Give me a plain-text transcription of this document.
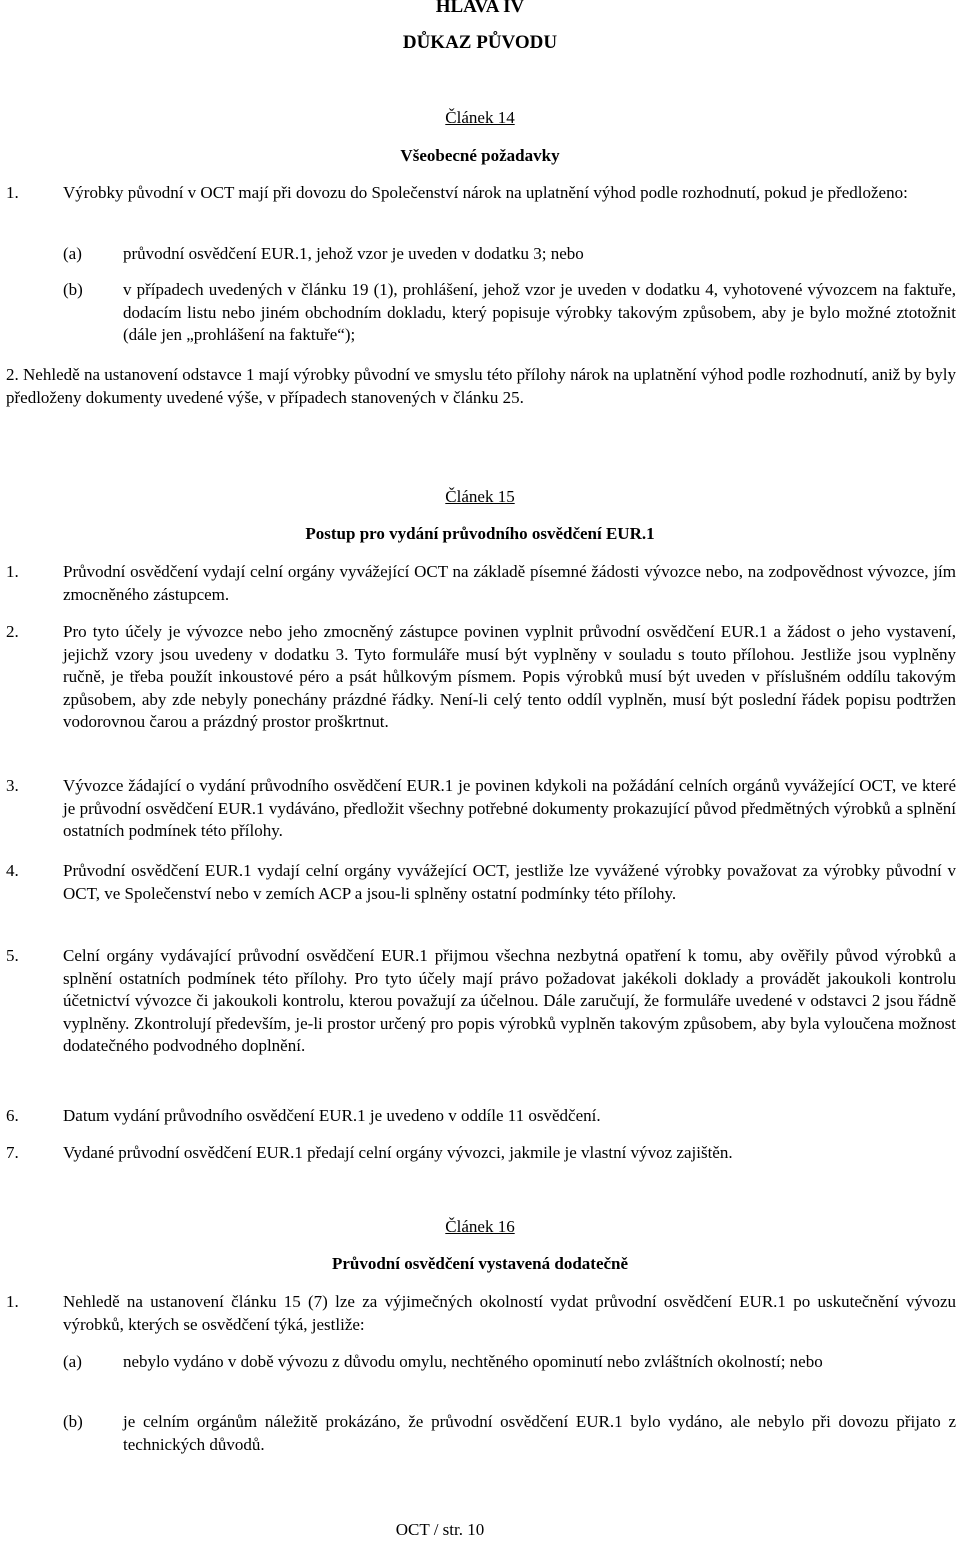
HLAVA IV
DŮKAZ PŮVODU
Článek 14
Všeobecné požadavky
1.	Výrobky původní v OCT mají při dovozu do Společenství nárok na uplatnění výhod podle rozhodnutí, pokud je předloženo:
(a) průvodní osvědčení EUR.1, jehož vzor je uveden v dodatku 3; nebo
(b) v případech uvedených v článku 19 (1), prohlášení, jehož vzor je uveden v dodatku 4, vyhotovené vývozcem na faktuře, dodacím listu nebo jiném obchodním dokladu, který popisuje výrobky takovým způsobem, aby je bylo možné ztotožnit (dále jen „prohlášení na faktuře“);
2. Nehledě na ustanovení odstavce 1 mají výrobky původní ve smyslu této přílohy nárok na uplatnění výhod podle rozhodnutí, aniž by byly předloženy dokumenty uvedené výše, v případech stanovených v článku 25.
Článek 15
Postup pro vydání průvodního osvědčení EUR.1
1.	Průvodní osvědčení vydají celní orgány vyvážející OCT na základě písemné žádosti vývozce nebo, na zodpovědnost vývozce, jím zmocněného zástupcem.
2.	Pro tyto účely je vývozce nebo jeho zmocněný zástupce povinen vyplnit průvodní osvědčení EUR.1 a žádost o jeho vystavení, jejichž vzory jsou uvedeny v dodatku 3. Tyto formuláře musí být vyplněny v souladu s touto přílohou. Jestliže jsou vyplněny ručně, je třeba použít inkoustové péro a psát hůlkovým písmem. Popis výrobků musí být uveden v příslušném oddílu takovým způsobem, aby zde nebyly ponechány prázdné řádky. Není-li celý tento oddíl vyplněn, musí být poslední řádek popisu podtržen vodorovnou čarou a prázdný prostor proškrtnut.
3.	Vývozce žádající o vydání průvodního osvědčení EUR.1 je povinen kdykoli na požádání celních orgánů vyvážející OCT, ve které je průvodní osvědčení EUR.1 vydáváno, předložit všechny potřebné dokumenty prokazující původ předmětných výrobků a splnění ostatních podmínek této přílohy.
4.	Průvodní osvědčení EUR.1 vydají celní orgány vyvážející OCT, jestliže lze vyvážené výrobky považovat za výrobky původní v OCT, ve Společenství nebo v zemích ACP a jsou-li splněny ostatní podmínky této přílohy.
5.	Celní orgány vydávající průvodní osvědčení EUR.1 přijmou všechna nezbytná opatření k tomu, aby ověřily původ výrobků a splnění ostatních podmínek této přílohy. Pro tyto účely mají právo požadovat jakékoli doklady a provádět jakoukoli kontrolu účetnictví vývozce či jakoukoli kontrolu, kterou považují za účelnou. Dále zaručují, že formuláře uvedené v odstavci 2 jsou řádně vyplněny. Zkontrolují především, je-li prostor určený pro popis výrobků vyplněn takovým způsobem, aby byla vyloučena možnost dodatečného podvodného doplnění.
6.	Datum vydání průvodního osvědčení EUR.1 je uvedeno v oddíle 11 osvědčení.
7.	Vydané průvodní osvědčení EUR.1 předají celní orgány vývozci, jakmile je vlastní vývoz zajištěn.
Článek 16
Průvodní osvědčení vystavená dodatečně
1.	Nehledě na ustanovení článku 15 (7) lze za výjimečných okolností vydat průvodní osvědčení EUR.1 po uskutečnění vývozu výrobků, kterých se osvědčení týká, jestliže:
(a) nebylo vydáno v době vývozu z důvodu omylu, nechtěného opominutí nebo zvláštních okolností; nebo
(b) je celním orgánům náležitě prokázáno, že průvodní osvědčení EUR.1 bylo vydáno, ale nebylo při dovozu přijato z technických důvodů.
OCT / str. 10
